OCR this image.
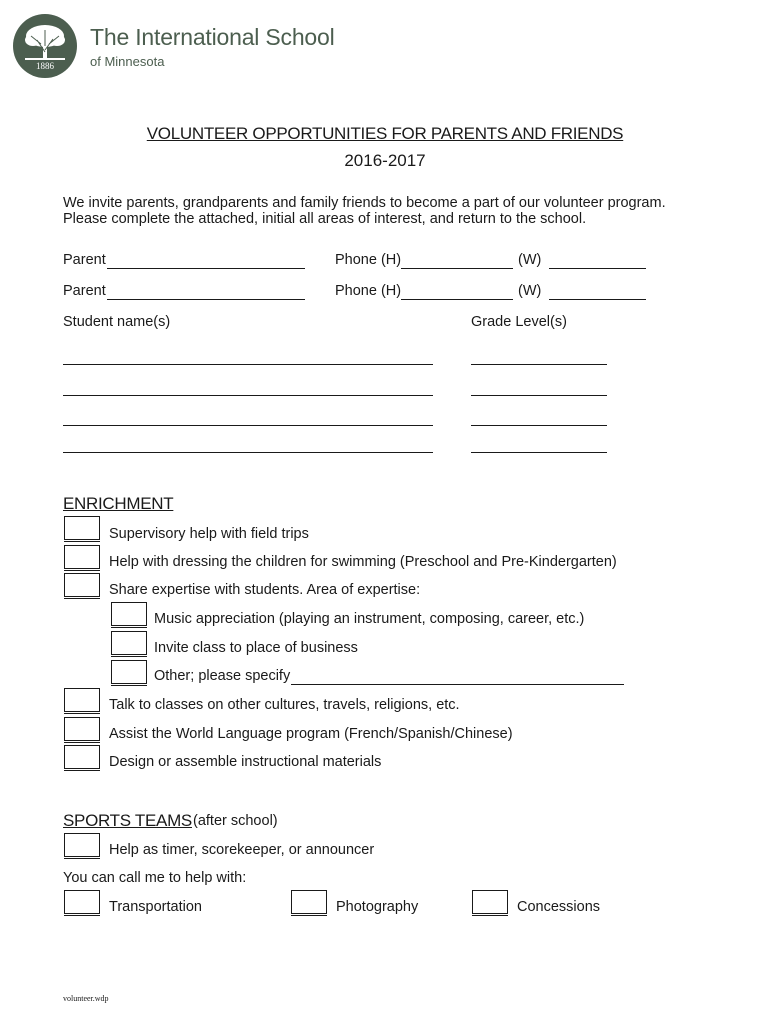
1886
The International School
of Minnesota
VOLUNTEER OPPORTUNITIES FOR PARENTS AND FRIENDS
2016-2017
We invite parents, grandparents and family friends to become a part of our volunteer program.
Please complete the attached, initial all areas of interest, and return to the school.
Parent	Phone (H)	(W)
Parent	Phone (H)	(W)
Student name(s)	Grade Level(s)
ENRICHMENT
Supervisory help with field trips
Help with dressing the children for swimming (Preschool and Pre-Kindergarten)
Share expertise with students. Area of expertise:
Music appreciation (playing an instrument, composing, career, etc.)
Invite class to place of business
Other; please specify
Talk to classes on other cultures, travels, religions, etc.
Assist the World Language program (French/Spanish/Chinese)
Design or assemble instructional materials
SPORTS TEAMS (after school)
Help as timer, scorekeeper, or announcer
You can call me to help with:
Transportation	Photography	Concessions
volunteer.wdp
